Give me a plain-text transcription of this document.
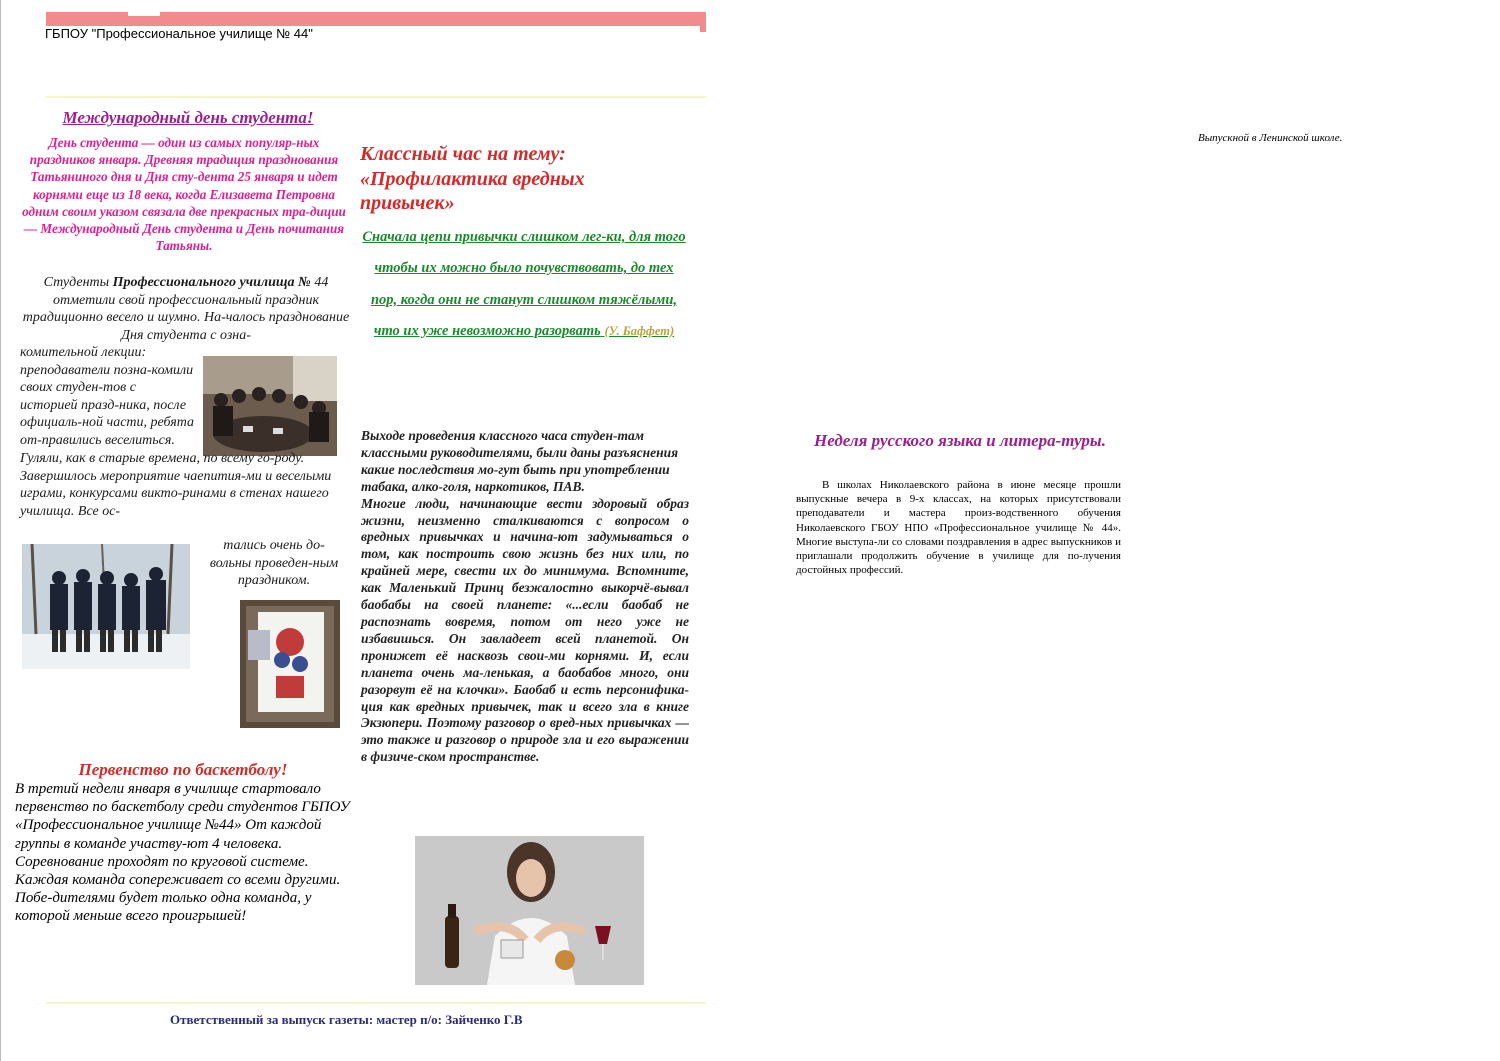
ГБПОУ "Профессиональное училище № 44"
Международный день студента!
День студента — один из самых популяр-ных праздников января. Древняя традиция празднования Татьяниного дня и Дня сту-дента 25 января и идет корнями еще из 18 века, когда Елизавета Петровна одним своим указом связала две прекрасных тра-диции — Международный День студента и День почитания Татьяны.
Студенты Профессионального училища № 44 отметили свой профессиональный праздник традиционно весело и шумно. На-чалось празднование Дня студента с озна-
комительной лекции: преподаватели позна-комили своих студен-тов с историей празд-ника, после официаль-ной части, ребята от-правились веселиться.
Гуляли, как в старые времена, по всему го-роду. Завершилось мероприятие чаепития-ми и веселыми играми, конкурсами викто-ринами в стенах нашего училища. Все ос-
тались очень до-вольны проведен-ным праздником.
Первенство по баскетболу!
В третий недели января в училище стартовало первенство по баскетболу среди студентов ГБПОУ «Профессиональное училище №44» От каждой группы в команде участву-ют 4 человека. Соревнование проходят по круговой системе. Каждая команда сопереживает со всеми другими. Побе-дителями будет только одна команда, у которой меньше всего проигрышей!
Классный час на тему: «Профилактика вредных привычек»
Сначала цепи привычки слишком лег-ки, для того чтобы их можно было почувствовать, до тех пор, когда они не станут слишком тяжёлыми, что их уже невозможно разорвать (У. Баффет)
Выходе проведения классного часа студен-там классными руководителями, были даны разъяснения какие последствия мо-гут быть при употреблении табака, алко-голя, наркотиков, ПАВ.
Многие люди, начинающие вести здоровый образ жизни, неизменно сталкиваются с вопросом о вредных привычках и начина-ют задумываться о том, как построить свою жизнь без них или, по крайней мере, свести их до минимума. Вспомните, как Маленький Принц безжалостно выкорчё-вывал баобабы на своей планете: «...если баобаб не распознать вовремя, потом от него уже не избавишься. Он завладеет всей планетой. Он пронижет её насквозь свои-ми корнями. И, если планета очень ма-ленькая, а баобабов много, они разорвут её на клочки». Баобаб и есть персонифика-ция как вредных привычек, так и всего зла в книге Экзюпери. Поэтому разговор о вред-ных привычках — это также и разговор о природе зла и его выражении в физиче-ском пространстве.
Ответственный за выпуск газеты: мастер п/о: Зайченко Г.В
Выпускной в Ленинской школе.
Неделя русского языка и литера-туры.
В школах Николаевского района в июне месяце прошли выпускные вечера в 9-х классах, на которых присутствовали преподаватели и мастера произ-водственного обучения Николаевского ГБОУ НПО «Профессиональное училище № 44». Многие выступа-ли со словами поздравления в адрес выпускников и приглашали продолжить обучение в училище для по-лучения достойных профессий.
